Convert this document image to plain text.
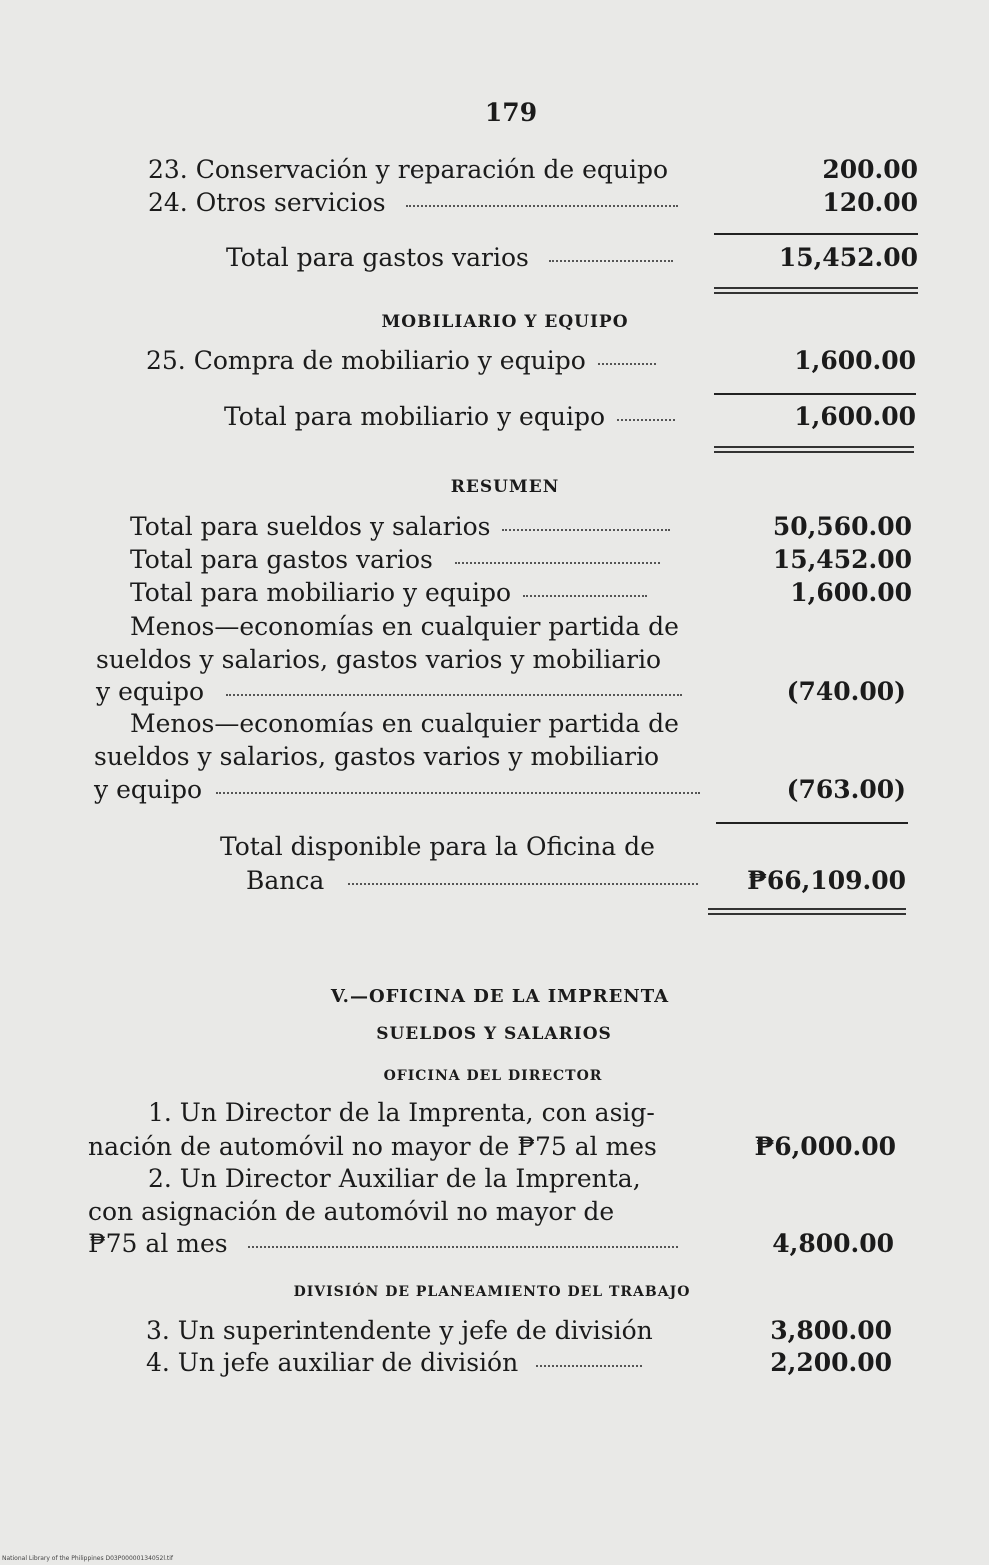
179
23. Conservación y reparación de equipo	200.00
24. Otros servicios	120.00
Total para gastos varios	15,452.00
MOBILIARIO Y EQUIPO
25. Compra de mobiliario y equipo	1,600.00
Total para mobiliario y equipo	1,600.00
RESUMEN
Total para sueldos y salarios	50,560.00
Total para gastos varios	15,452.00
Total para mobiliario y equipo	1,600.00
Menos—economías en cualquier partida de
sueldos y salarios, gastos varios y mobiliario
y equipo	(740.00)
Menos—economías en cualquier partida de
sueldos y salarios, gastos varios y mobiliario
y equipo	(763.00)
Total disponible para la Oficina de
Banca	₱66,109.00
V.—OFICINA DE LA IMPRENTA
SUELDOS Y SALARIOS
OFICINA DEL DIRECTOR
1. Un Director de la Imprenta, con asig-
nación de automóvil no mayor de ₱75 al mes	₱6,000.00
2. Un Director Auxiliar de la Imprenta,
con asignación de automóvil no mayor de
₱75 al mes	4,800.00
DIVISIÓN DE PLANEAMIENTO DEL TRABAJO
3. Un superintendente y jefe de división	3,800.00
4. Un jefe auxiliar de división	2,200.00
National Library of the Philippines D03P00000134052l.tif
